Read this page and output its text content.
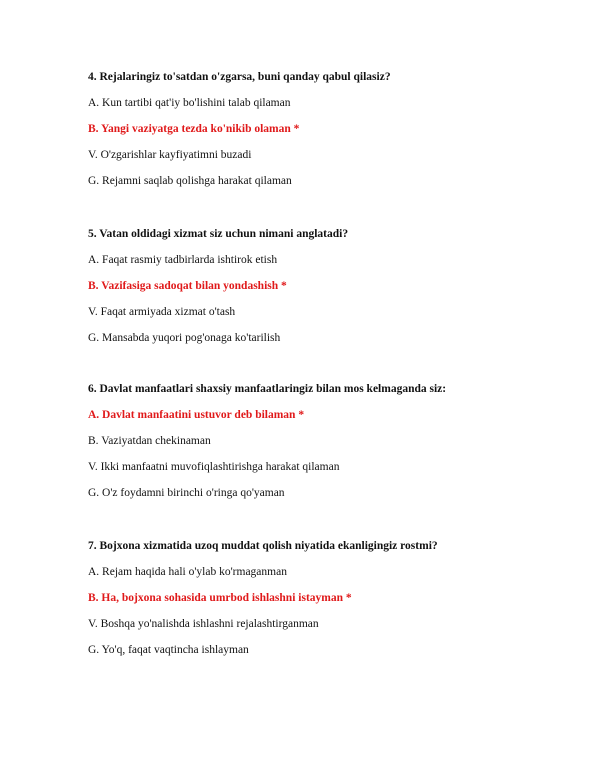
4. Rejalaringiz to'satdan o'zgarsa, buni qanday qabul qilasiz?

A. Kun tartibi qat'iy bo'lishini talab qilaman

B. Yangi vaziyatga tezda ko'nikib olaman *

V. O'zgarishlar kayfiyatimni buzadi

G. Rejamni saqlab qolishga harakat qilaman

5. Vatan oldidagi xizmat siz uchun nimani anglatadi?

A. Faqat rasmiy tadbirlarda ishtirok etish

B. Vazifasiga sadoqat bilan yondashish *

V. Faqat armiyada xizmat o'tash

G. Mansabda yuqori pog'onaga ko'tarilish

6. Davlat manfaatlari shaxsiy manfaatlaringiz bilan mos kelmaganda siz:

A. Davlat manfaatini ustuvor deb bilaman *

B. Vaziyatdan chekinaman

V. Ikki manfaatni muvofiqlashtirishga harakat qilaman

G. O'z foydamni birinchi o'ringa qo'yaman

7. Bojxona xizmatida uzoq muddat qolish niyatida ekanligingiz rostmi?

A. Rejam haqida hali o'ylab ko'rmaganman

B. Ha, bojxona sohasida umrbod ishlashni istayman *

V. Boshqa yo'nalishda ishlashni rejalashtirganman

G. Yo'q, faqat vaqtincha ishlayman
